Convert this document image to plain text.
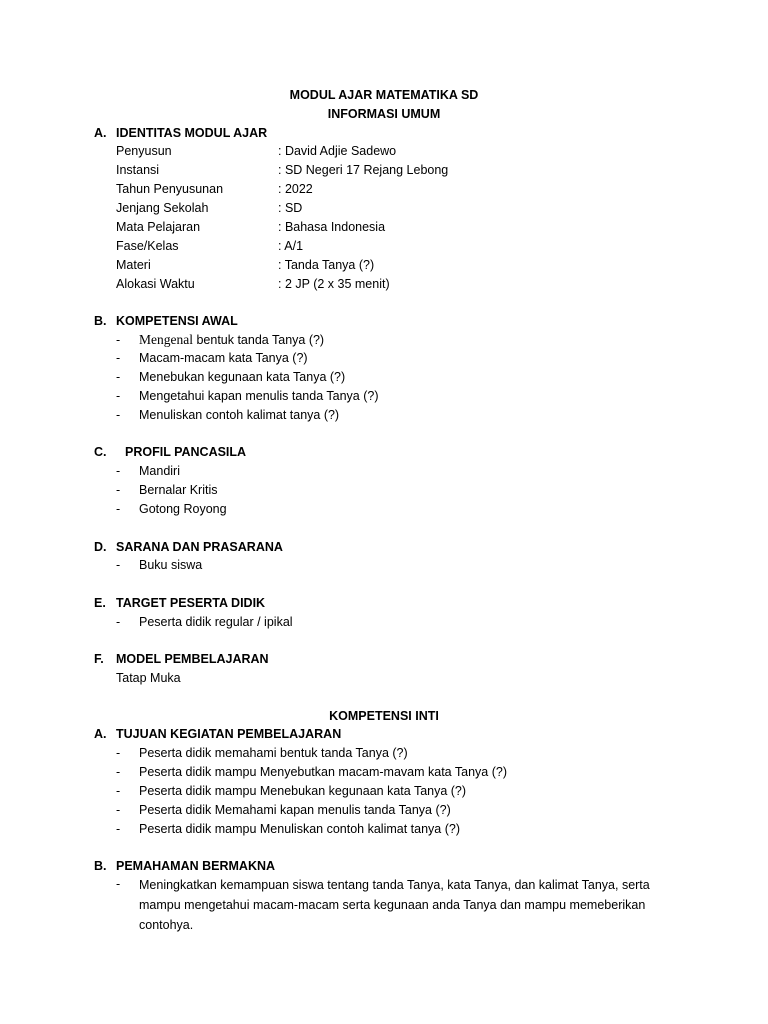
MODUL AJAR MATEMATIKA SD
INFORMASI UMUM
A. IDENTITAS MODUL AJAR
Penyusun	: David Adjie Sadewo
Instansi	: SD Negeri 17 Rejang Lebong
Tahun Penyusunan	: 2022
Jenjang Sekolah	: SD
Mata Pelajaran	: Bahasa Indonesia
Fase/Kelas	: A/1
Materi	: Tanda Tanya (?)
Alokasi Waktu	: 2 JP (2 x 35 menit)
B. KOMPETENSI AWAL
- Mengenal bentuk tanda Tanya (?)
- Macam-macam kata Tanya (?)
- Menebukan kegunaan kata Tanya (?)
- Mengetahui kapan menulis tanda Tanya (?)
- Menuliskan contoh kalimat tanya (?)
C. PROFIL PANCASILA
- Mandiri
- Bernalar Kritis
- Gotong Royong
D. SARANA DAN PRASARANA
- Buku siswa
E. TARGET PESERTA DIDIK
- Peserta didik regular / ipikal
F. MODEL PEMBELAJARAN
Tatap Muka
KOMPETENSI INTI
A. TUJUAN KEGIATAN PEMBELAJARAN
- Peserta didik memahami bentuk tanda Tanya (?)
- Peserta didik mampu Menyebutkan macam-mavam kata Tanya (?)
- Peserta didik mampu Menebukan kegunaan kata Tanya (?)
- Peserta didik Memahami kapan menulis tanda Tanya (?)
- Peserta didik mampu Menuliskan contoh kalimat tanya (?)
B. PEMAHAMAN BERMAKNA
- Meningkatkan kemampuan siswa tentang tanda Tanya, kata Tanya, dan kalimat Tanya, serta mampu mengetahui macam-macam serta kegunaan anda Tanya dan mampu memeberikan contohya.
